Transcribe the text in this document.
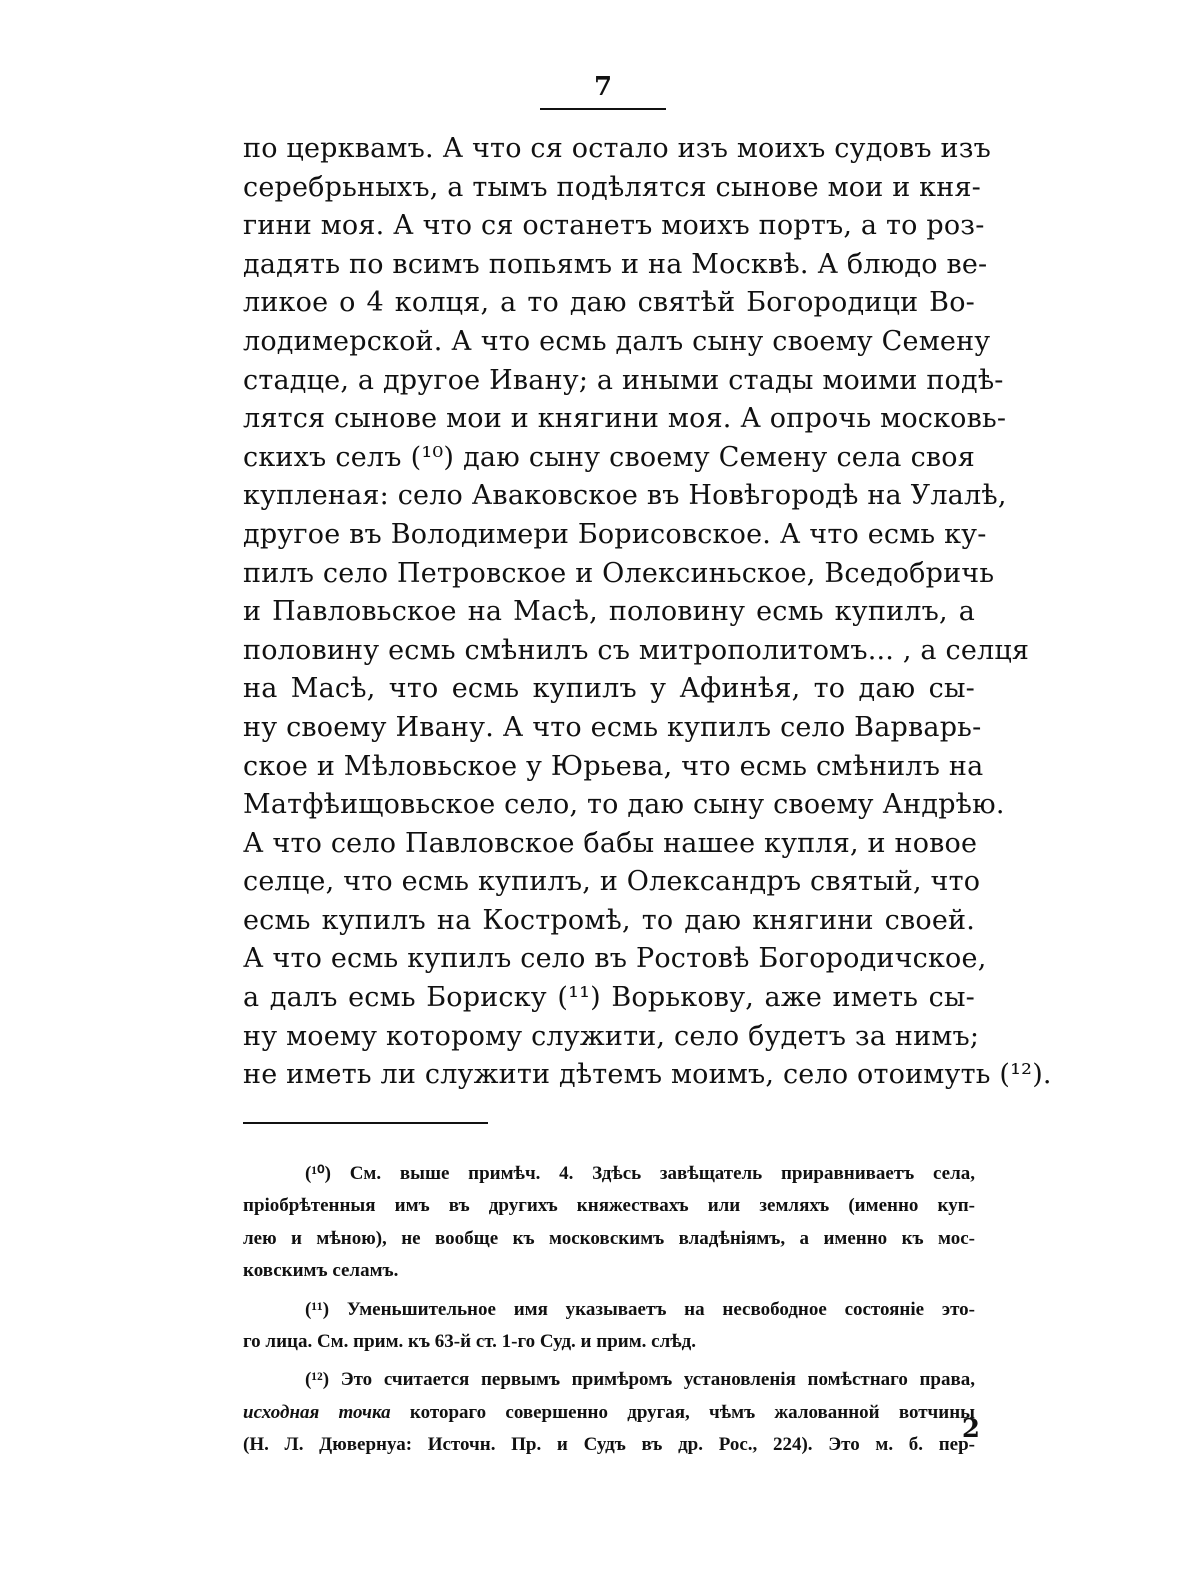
7
по церквамъ. А что ся остало изъ моихъ судовъ изъ
серебрьныхъ, а тымъ подѣлятся сынове мои и кня-
гини моя. А что ся останетъ моихъ портъ, а то роз-
дадять по всимъ попьямъ и на Москвѣ. А блюдо ве-
ликое о 4 колця, а то даю святѣй Богородици Во-
лодимерской. А что есмь далъ сыну своему Семену
стадце, а другое Ивану; а иными стады моими подѣ-
лятся сынове мои и княгини моя. А опрочь московь-
скихъ селъ (¹⁰) даю сыну своему Семену села своя
купленая: село Аваковское въ Новѣгородѣ на Улалѣ,
другое въ Володимери Борисовское. А что есмь ку-
пилъ село Петровское и Олексиньское, Вседобричь
и Павловьское на Масѣ, половину есмь купилъ, а
половину есмь смѣнилъ съ митрополитомъ... , а селця
на Масѣ, что есмь купилъ у Афинѣя, то даю сы-
ну своему Ивану. А что есмь купилъ село Варварь-
ское и Мѣловьское у Юрьева, что есмь смѣнилъ на
Матфѣищовьское село, то даю сыну своему Андрѣю.
А что село Павловское бабы нашее купля, и новое
селце, что есмь купилъ, и Олександръ святый, что
есмь купилъ на Костромѣ, то даю княгини своей.
А что есмь купилъ село въ Ростовѣ Богородичское,
а далъ есмь Бориску (¹¹) Ворькову, аже иметь сы-
ну моему которому служити, село будетъ за нимъ;
не иметь ли служити дѣтемъ моимъ, село отоимуть (¹²).
(¹⁰) См. выше примѣч. 4. Здѣсь завѣщатель приравниваетъ села,
пріобрѣтенныя имъ въ другихъ княжествахъ или земляхъ (именно куп-
лею и мѣною), не вообще къ московскимъ владѣніямъ, а именно къ мос-
ковскимъ селамъ.
(¹¹) Уменьшительное имя указываетъ на несвободное состояніе это-
го лица. См. прим. къ 63-й ст. 1-го Суд. и прим. слѣд.
(¹²) Это считается первымъ примѣромъ установленія помѣстнаго права,
исходная точка котораго совершенно другая, чѣмъ жалованной вотчины
(Н. Л. Дювернуа: Источн. Пр. и Судъ въ др. Рос., 224). Это м. б. пер-
2
